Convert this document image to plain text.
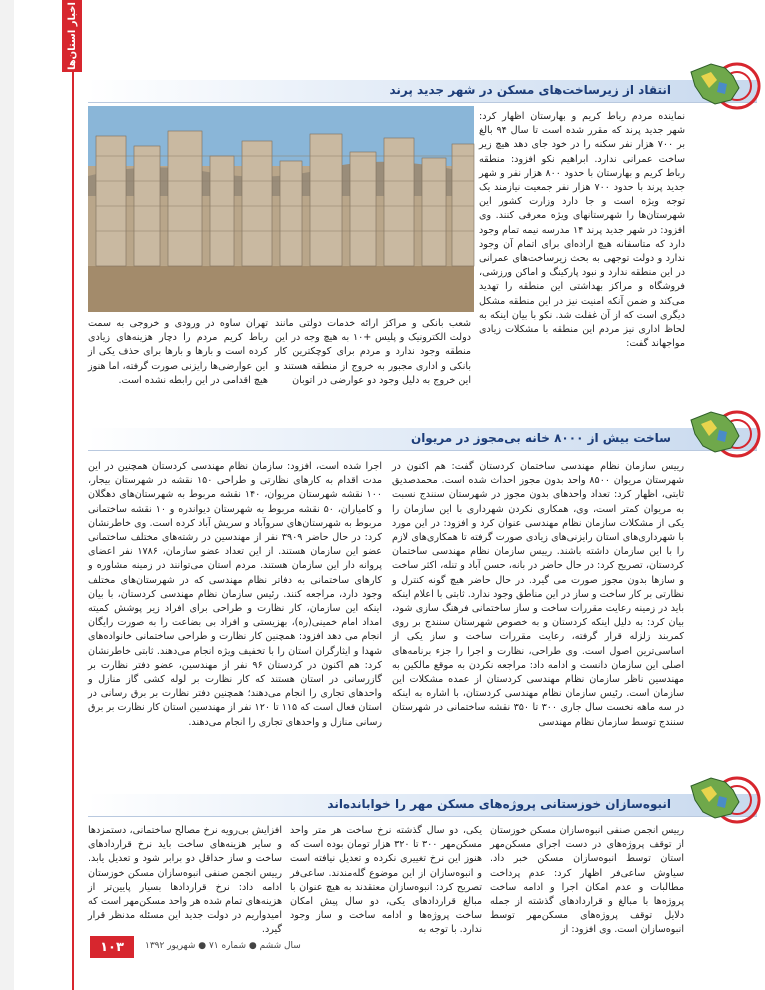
اخبار استان‌ها
انتقاد از زیرساخت‌های مسکن در شهر جدید پرند
نماینده مردم رباط کریم و بهارستان اظهار کرد: شهر جدید پرند که مقرر شده است تا سال ۹۴ بالغ بر ۷۰۰ هزار نفر سکنه را در خود جای دهد هیچ زیر ساخت عمرانی ندارد. ابراهیم نکو افزود: منطقه رباط کریم و بهارستان با حدود ۸۰۰ هزار نفر و شهر جدید پرند با حدود ۷۰۰ هزار نفر جمعیت نیازمند یک توجه ویژه است و جا دارد وزارت کشور این شهرستان‌ها را شهرستانهای ویژه معرفی کنند. وی افزود: در شهر جدید پرند ۱۴ مدرسه نیمه تمام وجود دارد که متاسفانه هیچ اراده‌ای برای اتمام آن وجود ندارد و دولت توجهی به بحث زیرساخت‌های عمرانی در این منطقه ندارد و نبود پارکینگ و اماکن ورزشی، فروشگاه و مراکز بهداشتی این منطقه را تهدید می‌کند و ضمن آنکه امنیت نیز در این منطقه مشکل دیگری است که از آن غفلت شد. نکو با بیان اینکه به لحاظ اداری نیز مردم این منطقه با مشکلات زیادی مواجهاند گفت:
شعب بانکی و مراکز ارائه خدمات دولتی مانند دولت الکترونیک و پلیس +۱۰ به هیچ وجه در این منطقه وجود ندارد و مردم برای کوچکترین کار بانکی و اداری مجبور به خروج از منطقه هستند و این خروج به دلیل وجود دو عوارضی در اتوبان
تهران ساوه در ورودی و خروجی به سمت رباط کریم مردم را دچار هزینه‌های زیادی کرده است و بارها و بارها برای حذف یکی از این عوارضی‌ها رایزنی صورت گرفته، اما هنوز هیچ اقدامی در این رابطه نشده است.
ساخت بیش از ۸۰۰۰ خانه بی‌مجوز در مریوان
رییس سازمان نظام مهندسی ساختمان کردستان گفت: هم اکنون در شهرستان مریوان ۸۵۰۰ واحد بدون مجوز احداث شده است. محمدصدیق ثابتی، اظهار کرد: تعداد واحدهای بدون مجوز در شهرستان سنندج نسبت به مریوان کمتر است، وی، همکاری نکردن شهرداری با این سازمان را یکی از مشکلات سازمان نظام مهندسی عنوان کرد و افزود: در این مورد با شهرداری‌های استان رایزنی‌های زیادی صورت گرفته تا همکاری‌های لازم را با این سازمان داشته باشند. رییس سازمان نظام مهندسی ساختمان کردستان، تصریح کرد: در حال حاضر در بانه، حسن آباد و تنله، اکثر ساخت و سازها بدون مجوز صورت می گیرد. در حال حاضر هیچ گونه کنترل و نظارتی بر کار ساخت و ساز در این مناطق وجود ندارد. ثابتی با اعلام اینکه باید در زمینه رعایت مقررات ساخت و ساز ساختمانی فرهنگ سازی شود، بیان کرد: به دلیل اینکه کردستان و به خصوص شهرستان سنندج بر روی کمربند زلزله قرار گرفته، رعایت مقررات ساخت و ساز یکی از اساسی‌ترین اصول است. وی طراحی، نظارت و اجرا را جزء برنامه‌های اصلی این سازمان دانست و ادامه داد: مراجعه نکردن به موقع مالکین به مهندسین ناظر سازمان نظام مهندسی کردستان از عمده مشکلات این سازمان است. رئیس سازمان نظام مهندسی کردستان، با اشاره به اینکه در سه ماهه نخست سال جاری ۳۰۰ تا ۳۵۰ نقشه ساختمانی در شهرستان سنندج توسط سازمان نظام مهندسی
اجرا شده است، افزود: سازمان نظام مهندسی کردستان همچنین در این مدت اقدام به کارهای نظارتی و طراحی ۱۵۰ نقشه در شهرستان بیجار، ۱۰۰ نقشه شهرستان مریوان، ۱۴۰ نقشه مربوط به شهرستان‌های دهگلان و کامیاران، ۵۰ نقشه مربوط به شهرستان دیواندره و ۱۰ نقشه ساختمانی مربوط به شهرستان‌های سروآباد و سریش آباد کرده است. وی خاطرنشان کرد: در حال حاضر ۳۹۰۹ نفر از مهندسین در رشته‌های مختلف ساختمانی عضو این سازمان هستند. از این تعداد عضو سازمان، ۱۷۸۶ نفر اعضای پروانه دار این سازمان هستند. مردم استان می‌توانند در زمینه مشاوره و کارهای ساختمانی به دفاتر نظام مهندسی که در شهرستان‌های مختلف وجود دارد، مراجعه کنند. رئیس سازمان نظام مهندسی کردستان، با بیان اینکه این سازمان، کار نظارت و طراحی برای افراد زیر پوشش کمیته امداد امام خمینی(ره)، بهزیستی و افراد بی بضاعت را به صورت رایگان انجام می دهد افزود: همچنین کار نظارت و طراحی ساختمانی خانواده‌های شهدا و ایثارگران استان را با تخفیف ویژه انجام می‌دهند. ثابتی خاطرنشان کرد: هم اکنون در کردستان ۹۶ نفر از مهندسین، عضو دفتر نظارت بر گازرسانی در استان هستند که کار نظارت بر لوله کشی گاز منازل و واحدهای تجاری را انجام می‌دهند؛ همچنین دفتر نظارت بر برق رسانی در استان فعال است که ۱۱۵ تا ۱۲۰ نفر از مهندسین استان کار نظارت بر برق رسانی منازل و واحدهای تجاری را انجام می‌دهند.
انبوه‌سازان خوزستانی پروژه‌های مسکن مهر را خوابانده‌اند
رییس انجمن صنفی انبوه‌سازان مسکن خوزستان از توقف پروژه‌های در دست اجرای مسکن‌مهر استان توسط انبوه‌سازان مسکن خبر داد. سیاوش ساعی‌فر اظهار کرد: عدم پرداخت مطالبات و عدم امکان اجرا و ادامه ساخت پروژه‌ها با مبالغ و قراردادهای گذشته از جمله دلایل توقف پروژه‌های مسکن‌مهر توسط انبوه‌سازان است. وی افزود: از
یکی، دو سال گذشته نرخ ساخت هر متر واحد مسکن‌مهر ۳۰۰ تا ۳۲۰ هزار تومان بوده است که هنوز این نرخ تغییری نکرده و تعدیل نیافته است و انبوه‌سازان از این موضوع گله‌مندند. ساعی‌فر تصریح کرد: انبوه‌سازان معتقدند به هیچ عنوان با مبالغ قراردادهای یکی، دو سال پیش امکان ساخت پروژه‌ها و ادامه ساخت و ساز وجود ندارد. با توجه به
افزایش بی‌رویه نرخ مصالح ساختمانی، دستمزدها و سایر هزینه‌های ساخت باید نرخ قراردادهای ساخت و ساز حداقل دو برابر شود و تعدیل یابد. رییس انجمن صنفی انبوه‌سازان مسکن خوزستان ادامه داد: نرخ قراردادها بسیار پایین‌تر از هزینه‌های تمام شده هر واحد مسکن‌مهر است که امیدواریم در دولت جدید این مسئله مدنظر قرار گیرد.
۱۰۳	سال ششم ● شماره ۷۱ ● شهریور ۱۳۹۲
